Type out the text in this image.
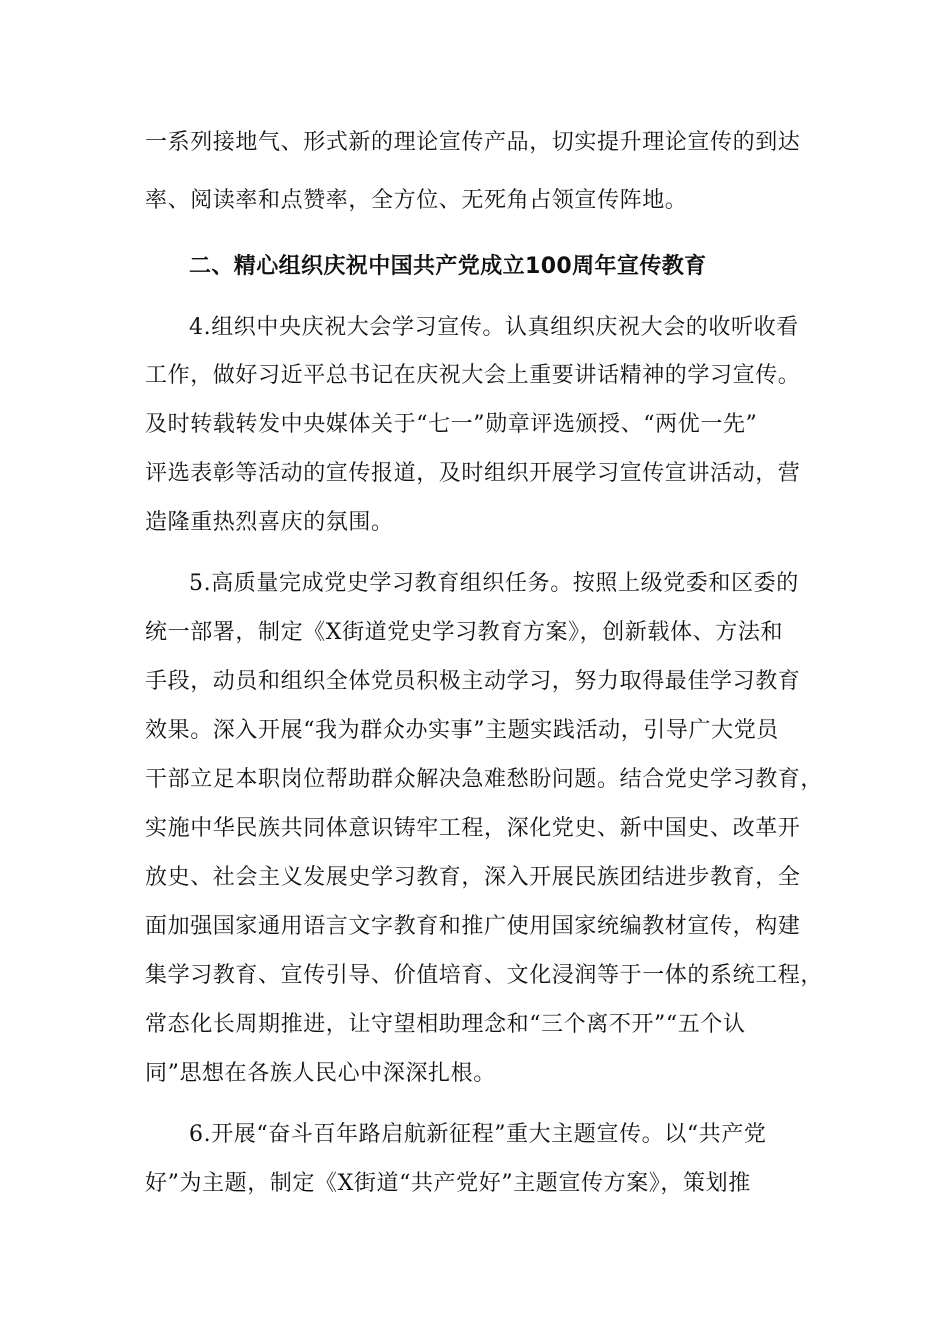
一系列接地气、形式新的理论宣传产品，切实提升理论宣传的到达
率、阅读率和点赞率，全方位、无死角占领宣传阵地。
二、精心组织庆祝中国共产党成立100周年宣传教育
4.组织中央庆祝大会学习宣传。认真组织庆祝大会的收听收看
工作，做好习近平总书记在庆祝大会上重要讲话精神的学习宣传。
及时转载转发中央媒体关于“七一”勋章评选颁授、“两优一先”
评选表彰等活动的宣传报道，及时组织开展学习宣传宣讲活动，营
造隆重热烈喜庆的氛围。
5.高质量完成党史学习教育组织任务。按照上级党委和区委的
统一部署，制定《X街道党史学习教育方案》，创新载体、方法和
手段，动员和组织全体党员积极主动学习，努力取得最佳学习教育
效果。深入开展“我为群众办实事”主题实践活动，引导广大党员
干部立足本职岗位帮助群众解决急难愁盼问题。结合党史学习教育，
实施中华民族共同体意识铸牢工程，深化党史、新中国史、改革开
放史、社会主义发展史学习教育，深入开展民族团结进步教育，全
面加强国家通用语言文字教育和推广使用国家统编教材宣传，构建
集学习教育、宣传引导、价值培育、文化浸润等于一体的系统工程，
常态化长周期推进，让守望相助理念和“三个离不开”“五个认
同”思想在各族人民心中深深扎根。
6.开展“奋斗百年路启航新征程”重大主题宣传。以“共产党
好”为主题，制定《X街道“共产党好”主题宣传方案》，策划推
